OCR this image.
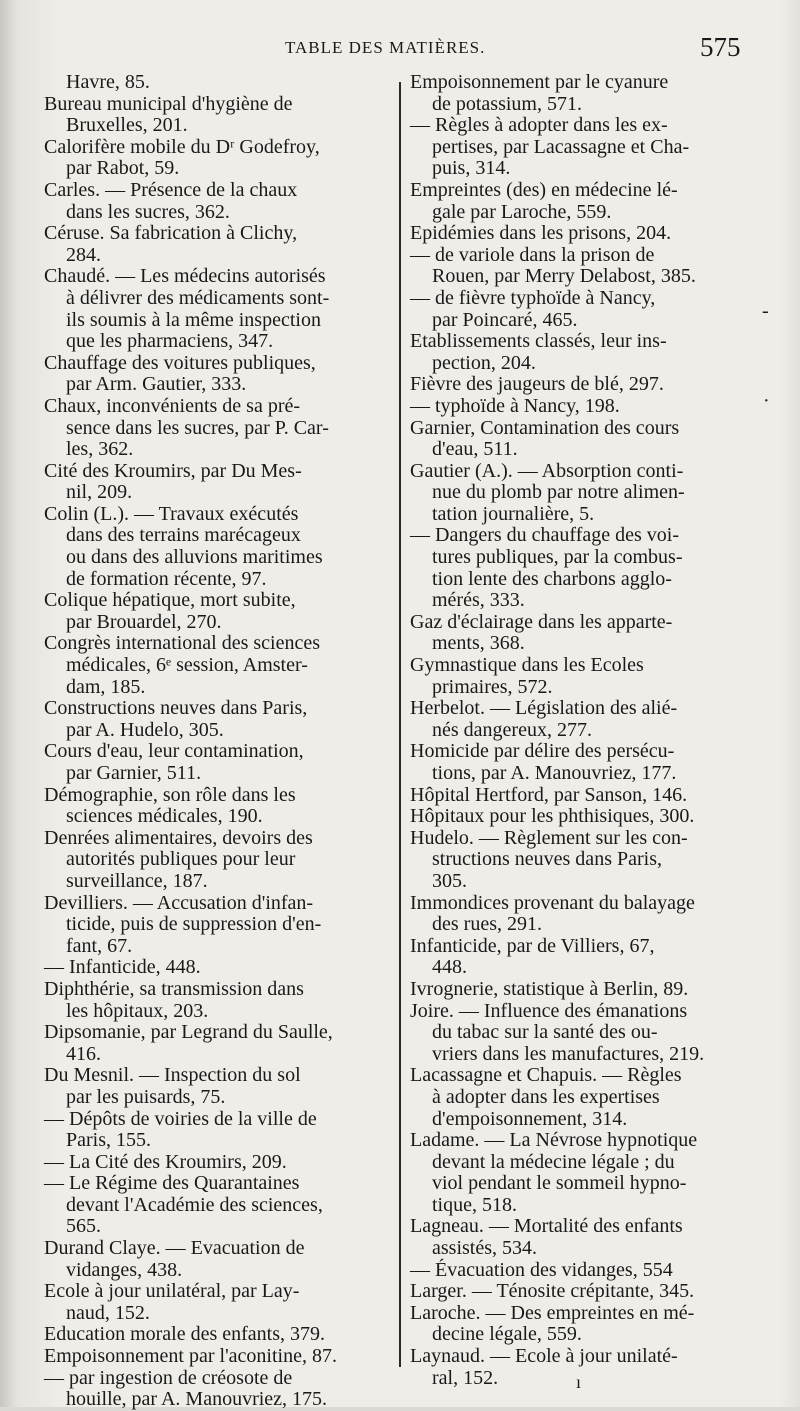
TABLE DES MATIÈRES.	575
Havre, 85.
Bureau municipal d'hygiène de
Bruxelles, 201.
Calorifère mobile du Dʳ Godefroy,
par Rabot, 59.
Carles. — Présence de la chaux
dans les sucres, 362.
Céruse. Sa fabrication à Clichy,
284.
Chaudé. — Les médecins autorisés
à délivrer des médicaments sont-
ils soumis à la même inspection
que les pharmaciens, 347.
Chauffage des voitures publiques,
par Arm. Gautier, 333.
Chaux, inconvénients de sa pré-
sence dans les sucres, par P. Car-
les, 362.
Cité des Kroumirs, par Du Mes-
nil, 209.
Colin (L.). — Travaux exécutés
dans des terrains marécageux
ou dans des alluvions maritimes
de formation récente, 97.
Colique hépatique, mort subite,
par Brouardel, 270.
Congrès international des sciences
médicales, 6ᵉ session, Amster-
dam, 185.
Constructions neuves dans Paris,
par A. Hudelo, 305.
Cours d'eau, leur contamination,
par Garnier, 511.
Démographie, son rôle dans les
sciences médicales, 190.
Denrées alimentaires, devoirs des
autorités publiques pour leur
surveillance, 187.
Devilliers. — Accusation d'infan-
ticide, puis de suppression d'en-
fant, 67.
— Infanticide, 448.
Diphthérie, sa transmission dans
les hôpitaux, 203.
Dipsomanie, par Legrand du Saulle,
416.
Du Mesnil. — Inspection du sol
par les puisards, 75.
— Dépôts de voiries de la ville de
Paris, 155.
— La Cité des Kroumirs, 209.
— Le Régime des Quarantaines
devant l'Académie des sciences,
565.
Durand Claye. — Evacuation de
vidanges, 438.
Ecole à jour unilatéral, par Lay-
naud, 152.
Education morale des enfants, 379.
Empoisonnement par l'aconitine, 87.
— par ingestion de créosote de
houille, par A. Manouvriez, 175.
Empoisonnement par le cyanure
de potassium, 571.
— Règles à adopter dans les ex-
pertises, par Lacassagne et Cha-
puis, 314.
Empreintes (des) en médecine lé-
gale par Laroche, 559.
Epidémies dans les prisons, 204.
— de variole dans la prison de
Rouen, par Merry Delabost, 385.
— de fièvre typhoïde à Nancy,
par Poincaré, 465.
Etablissements classés, leur ins-
pection, 204.
Fièvre des jaugeurs de blé, 297.
— typhoïde à Nancy, 198.
Garnier, Contamination des cours
d'eau, 511.
Gautier (A.). — Absorption conti-
nue du plomb par notre alimen-
tation journalière, 5.
— Dangers du chauffage des voi-
tures publiques, par la combus-
tion lente des charbons agglo-
mérés, 333.
Gaz d'éclairage dans les apparte-
ments, 368.
Gymnastique dans les Ecoles
primaires, 572.
Herbelot. — Législation des alié-
nés dangereux, 277.
Homicide par délire des persécu-
tions, par A. Manouvriez, 177.
Hôpital Hertford, par Sanson, 146.
Hôpitaux pour les phthisiques, 300.
Hudelo. — Règlement sur les con-
structions neuves dans Paris,
305.
Immondices provenant du balayage
des rues, 291.
Infanticide, par de Villiers, 67,
448.
Ivrognerie, statistique à Berlin, 89.
Joire. — Influence des émanations
du tabac sur la santé des ou-
vriers dans les manufactures, 219.
Lacassagne et Chapuis. — Règles
à adopter dans les expertises
d'empoisonnement, 314.
Ladame. — La Névrose hypnotique
devant la médecine légale ; du
viol pendant le sommeil hypno-
tique, 518.
Lagneau. — Mortalité des enfants
assistés, 534.
— Évacuation des vidanges, 554
Larger. — Ténosite crépitante, 345.
Laroche. — Des empreintes en mé-
decine légale, 559.
Laynaud. — Ecole à jour unilaté-
ral, 152.	ı
-
·
